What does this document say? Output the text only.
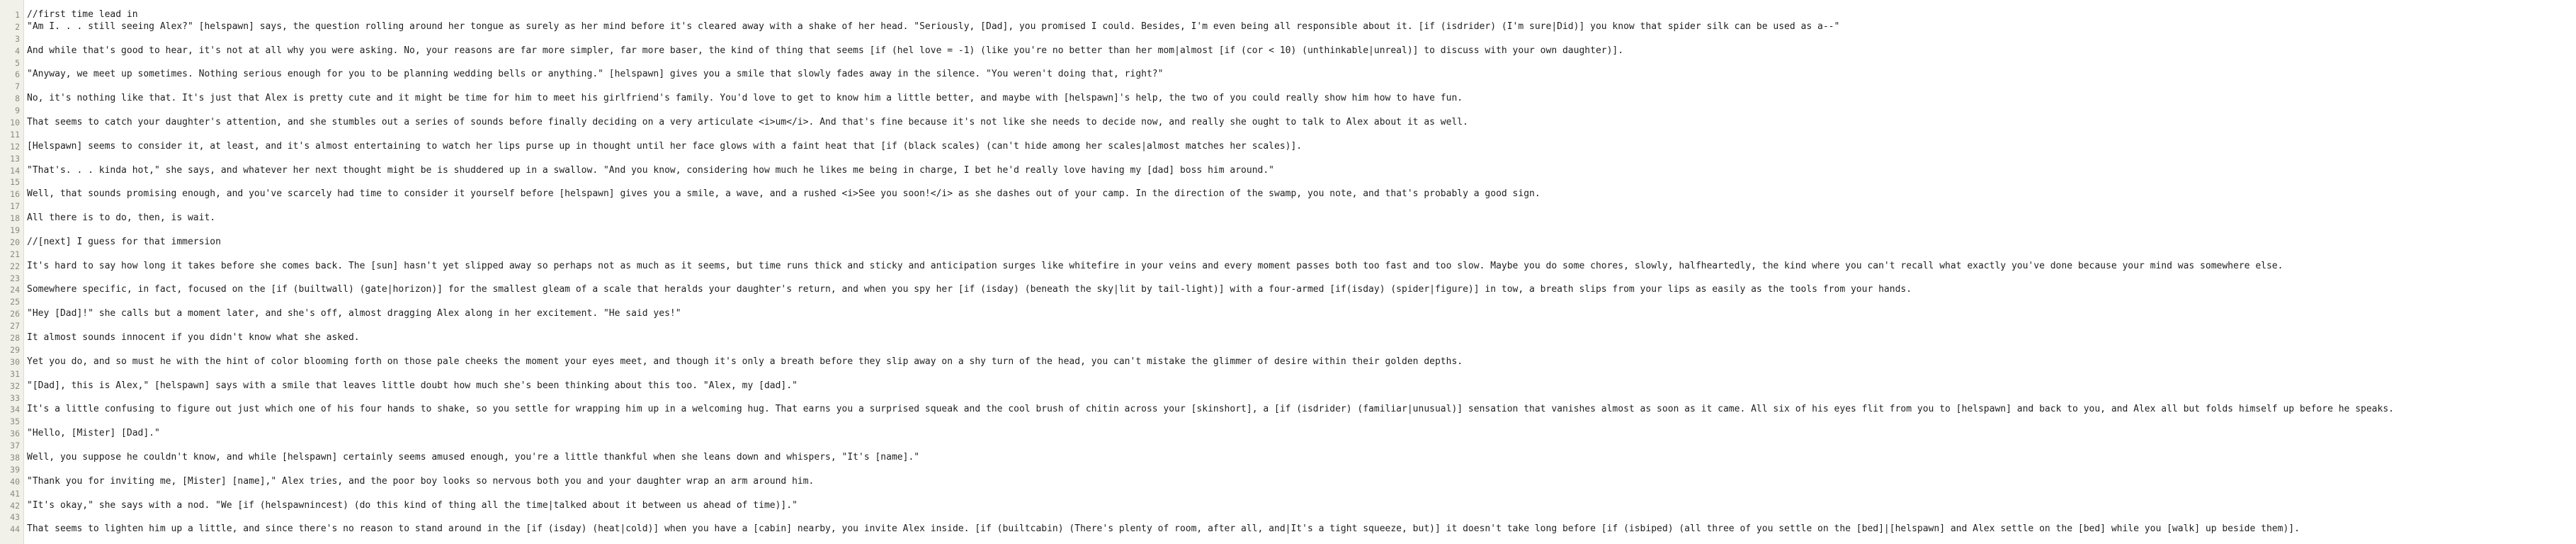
1
2
3
4
5
6
7
8
9
10
11
12
13
14
15
16
17
18
19
20
21
22
23
24
25
26
27
28
29
30
31
32
33
34
35
36
37
38
39
40
41
42
43
44
//first time lead in
"Am I. . . still seeing Alex?" [helspawn] says, the question rolling around her tongue as surely as her mind before it's cleared away with a shake of her head. "Seriously, [Dad], you promised I could. Besides, I'm even being all responsible about it. [if (isdrider) (I'm sure|Did)] you know that spider silk can be used as a--"
And while that's good to hear, it's not at all why you were asking. No, your reasons are far more simpler, far more baser, the kind of thing that seems [if (hel love = -1) (like you're no better than her mom|almost [if (cor < 10) (unthinkable|unreal)] to discuss with your own daughter)].
"Anyway, we meet up sometimes. Nothing serious enough for you to be planning wedding bells or anything." [helspawn] gives you a smile that slowly fades away in the silence. "You weren't doing that, right?"
No, it's nothing like that. It's just that Alex is pretty cute and it might be time for him to meet his girlfriend's family. You'd love to get to know him a little better, and maybe with [helspawn]'s help, the two of you could really show him how to have fun.
That seems to catch your daughter's attention, and she stumbles out a series of sounds before finally deciding on a very articulate <i>um</i>. And that's fine because it's not like she needs to decide now, and really she ought to talk to Alex about it as well.
[Helspawn] seems to consider it, at least, and it's almost entertaining to watch her lips purse up in thought until her face glows with a faint heat that [if (black scales) (can't hide among her scales|almost matches her scales)].
"That's. . . kinda hot," she says, and whatever her next thought might be is shuddered up in a swallow. "And you know, considering how much he likes me being in charge, I bet he'd really love having my [dad] boss him around."
Well, that sounds promising enough, and you've scarcely had time to consider it yourself before [helspawn] gives you a smile, a wave, and a rushed <i>See you soon!</i> as she dashes out of your camp. In the direction of the swamp, you note, and that's probably a good sign.
All there is to do, then, is wait.
//[next] I guess for that immersion
It's hard to say how long it takes before she comes back. The [sun] hasn't yet slipped away so perhaps not as much as it seems, but time runs thick and sticky and anticipation surges like whitefire in your veins and every moment passes both too fast and too slow. Maybe you do some chores, slowly, halfheartedly, the kind where you can't recall what exactly you've done because your mind was somewhere else.
Somewhere specific, in fact, focused on the [if (builtwall) (gate|horizon)] for the smallest gleam of a scale that heralds your daughter's return, and when you spy her [if (isday) (beneath the sky|lit by tail-light)] with a four-armed [if(isday) (spider|figure)] in tow, a breath slips from your lips as easily as the tools from your hands.
"Hey [Dad]!" she calls but a moment later, and she's off, almost dragging Alex along in her excitement. "He said yes!"
It almost sounds innocent if you didn't know what she asked.
Yet you do, and so must he with the hint of color blooming forth on those pale cheeks the moment your eyes meet, and though it's only a breath before they slip away on a shy turn of the head, you can't mistake the glimmer of desire within their golden depths.
"[Dad], this is Alex," [helspawn] says with a smile that leaves little doubt how much she's been thinking about this too. "Alex, my [dad]."
It's a little confusing to figure out just which one of his four hands to shake, so you settle for wrapping him up in a welcoming hug. That earns you a surprised squeak and the cool brush of chitin across your [skinshort], a [if (isdrider) (familiar|unusual)] sensation that vanishes almost as soon as it came. All six of his eyes flit from you to [helspawn] and back to you, and Alex all but folds himself up before he speaks.
"Hello, [Mister] [Dad]."
Well, you suppose he couldn't know, and while [helspawn] certainly seems amused enough, you're a little thankful when she leans down and whispers, "It's [name]."
"Thank you for inviting me, [Mister] [name]," Alex tries, and the poor boy looks so nervous both you and your daughter wrap an arm around him.
"It's okay," she says with a nod. "We [if (helspawnincest) (do this kind of thing all the time|talked about it between us ahead of time)]."
That seems to lighten him up a little, and since there's no reason to stand around in the [if (isday) (heat|cold)] when you have a [cabin] nearby, you invite Alex inside. [if (builtcabin) (There's plenty of room, after all, and|It's a tight squeeze, but)] it doesn't take long before [if (isbiped) (all three of you settle on the [bed]|[helspawn] and Alex settle on the [bed] while you [walk] up beside them)].
